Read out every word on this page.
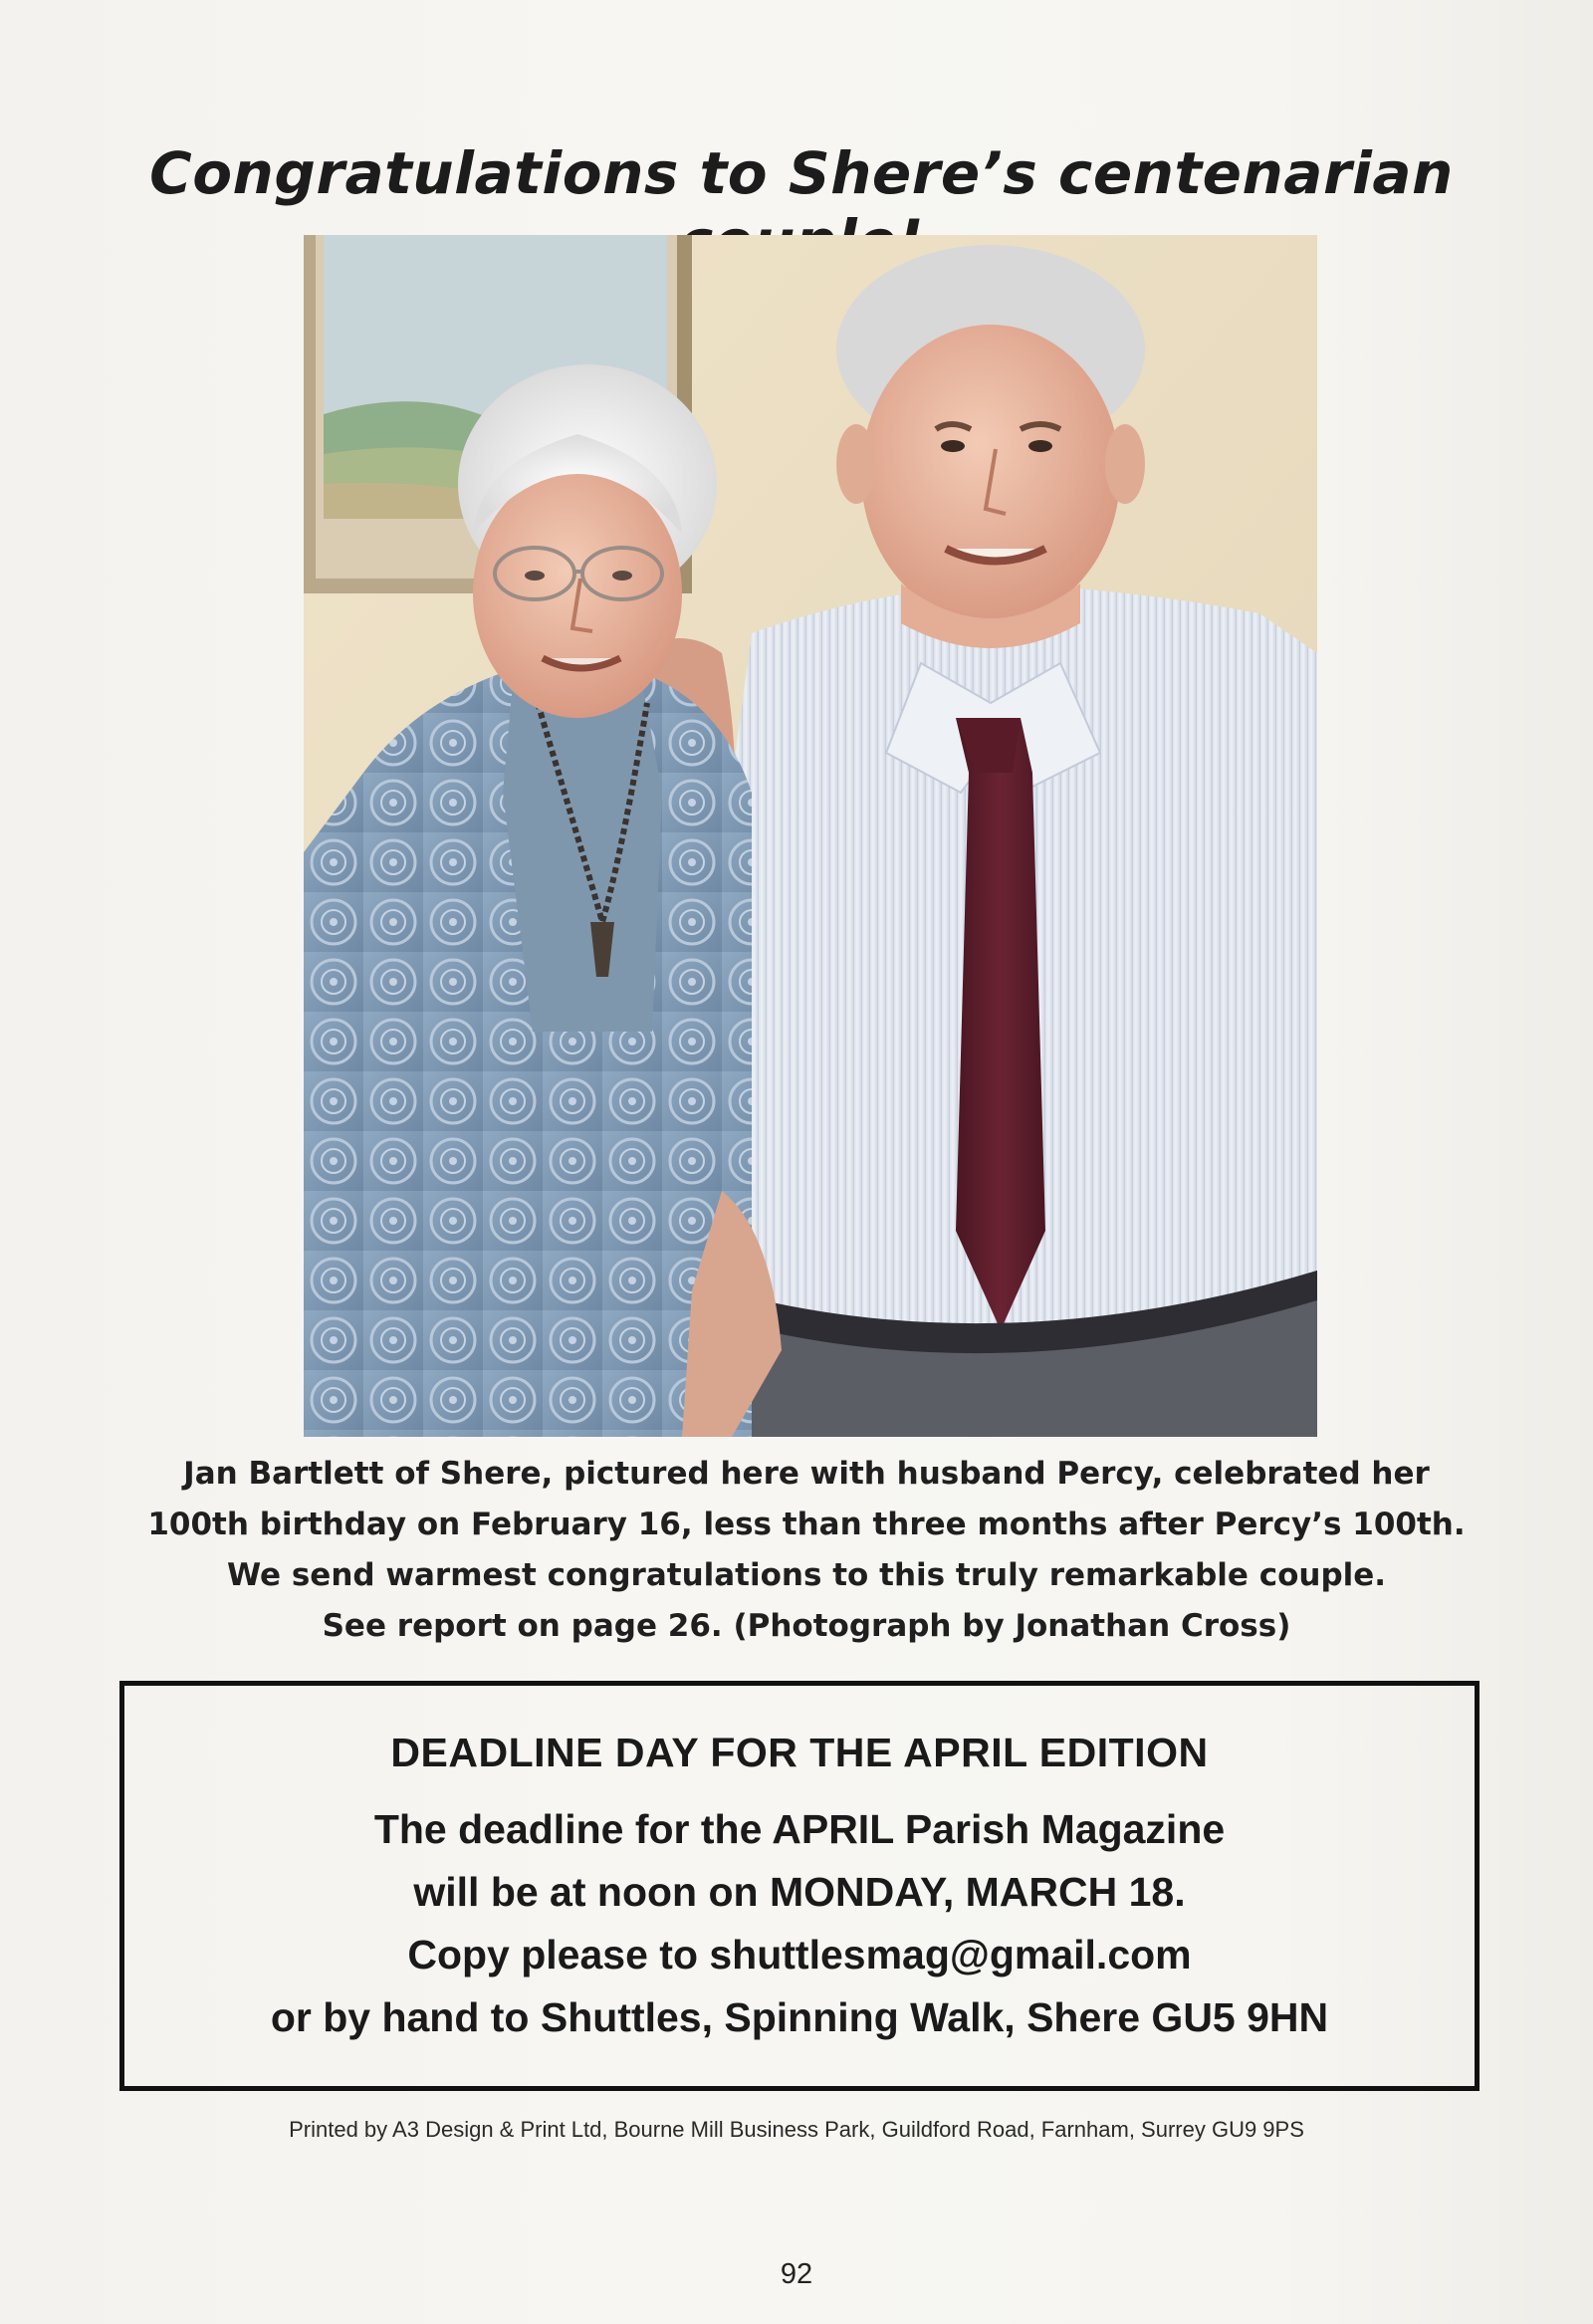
Congratulations to Shere’s centenarian
Jan Bartlett of Shere, pictured here with husband Percy, celebrated her
100th birthday on February 16, less than three months after Percy’s 100th.
We send warmest congratulations to this truly remarkable couple.
See report on page 26. (Photograph by Jonathan Cross)
DEADLINE DAY FOR THE APRIL EDITION
The deadline for the APRIL Parish Magazine
will be at noon on MONDAY, MARCH 18.
Copy please to shuttlesmag@gmail.com
or by hand to Shuttles, Spinning Walk, Shere GU5 9HN
Printed by A3 Design & Print Ltd, Bourne Mill Business Park, Guildford Road, Farnham, Surrey GU9 9PS
92
